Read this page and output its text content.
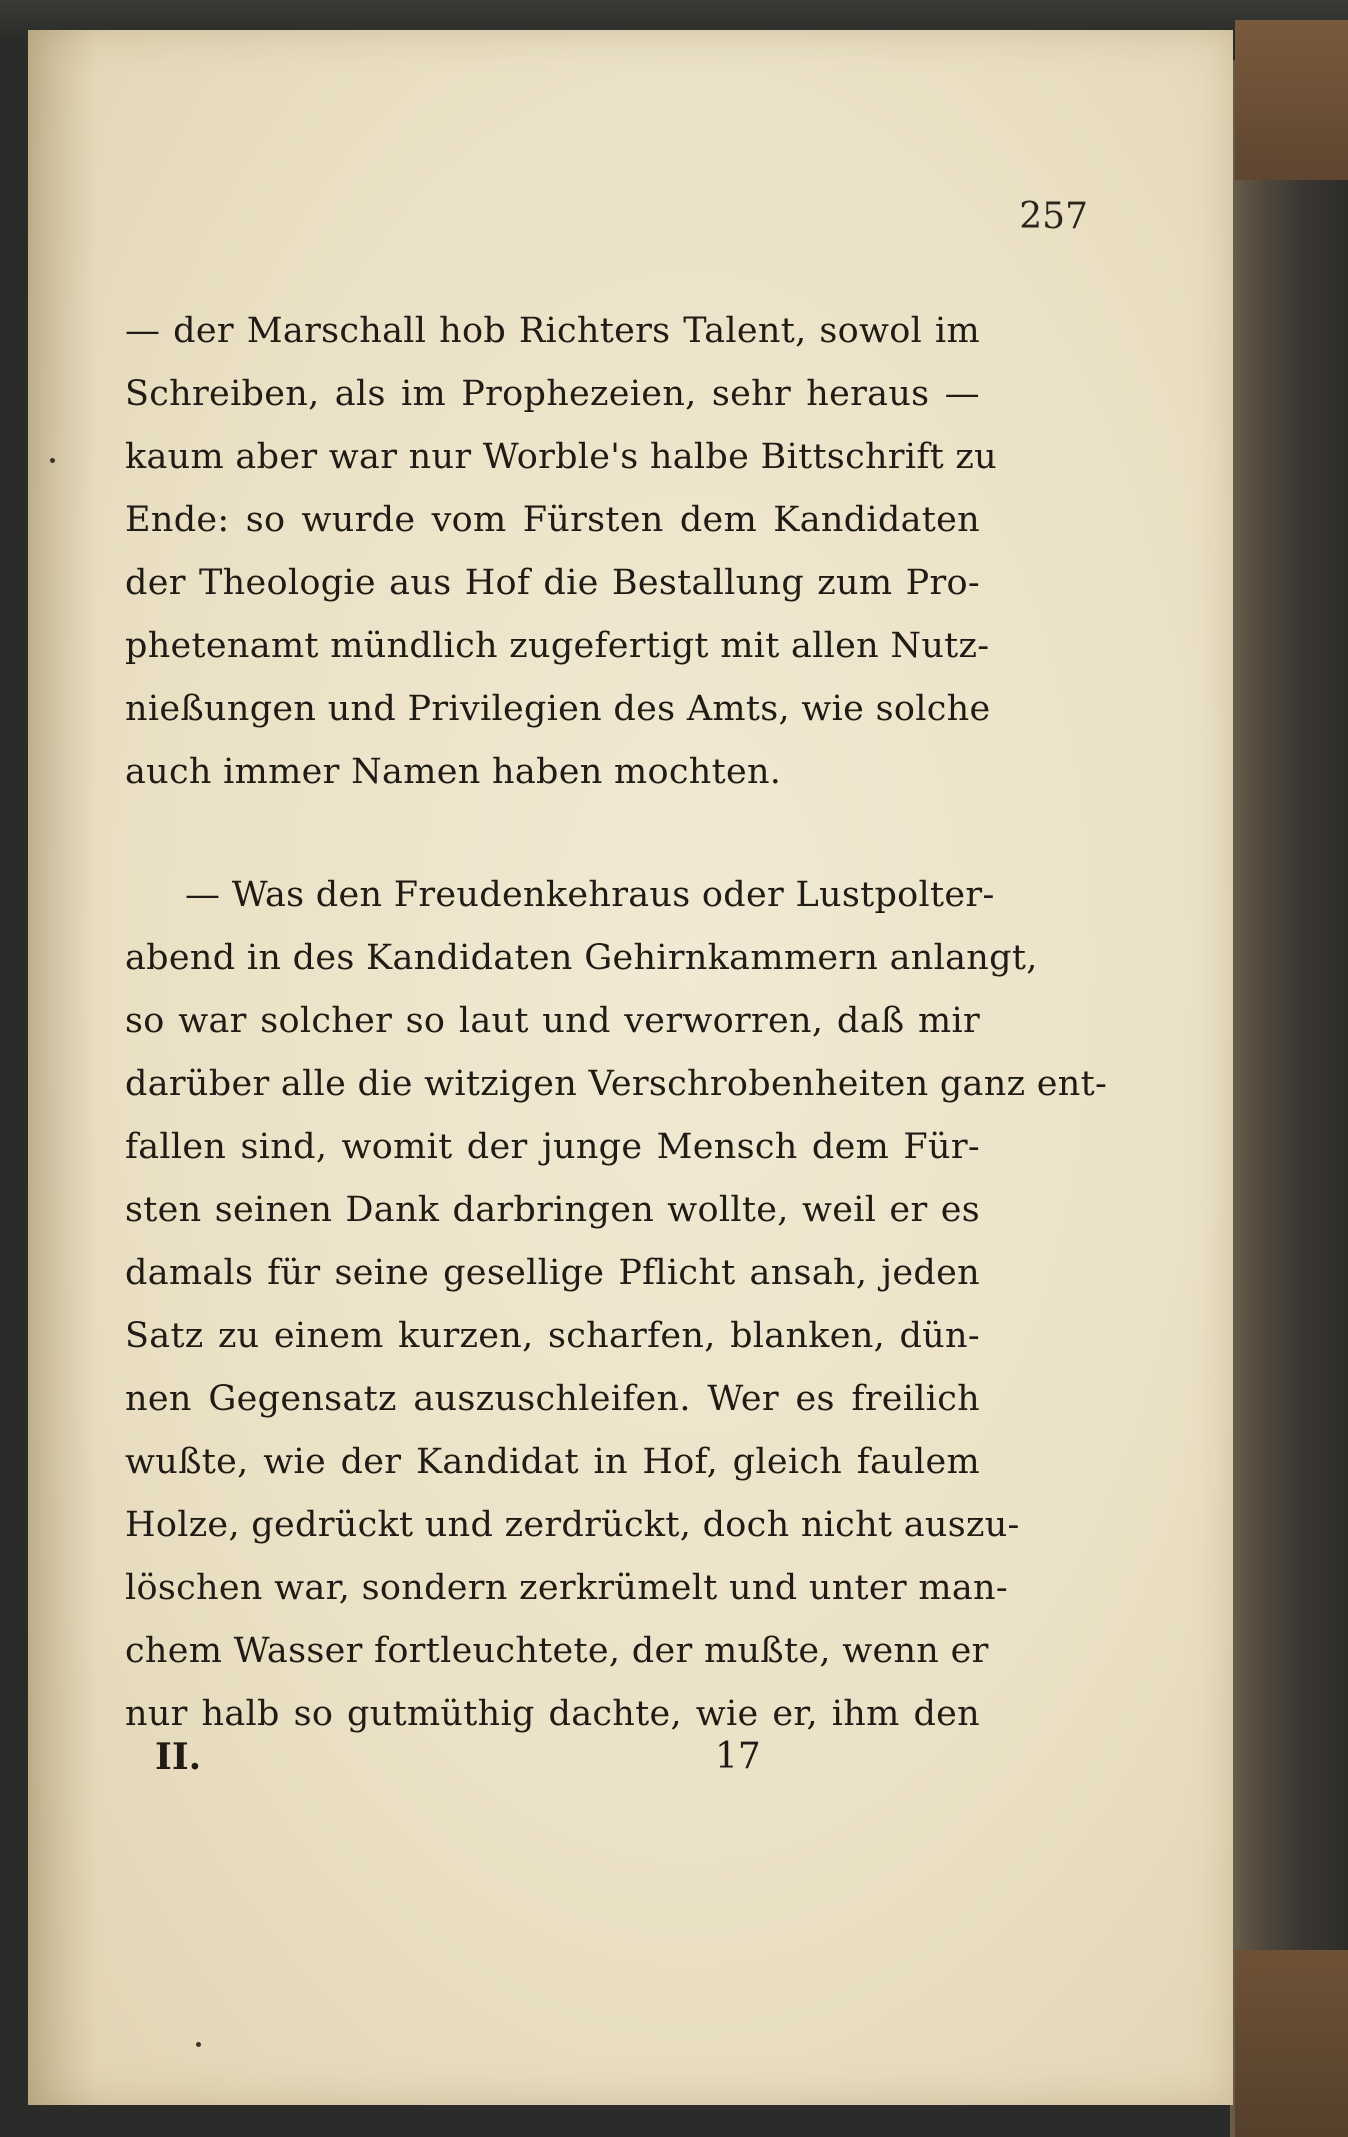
257
— der Marschall hob Richters Talent, sowol im
Schreiben, als im Prophezeien, sehr heraus —
kaum aber war nur Worble's halbe Bittschrift zu
Ende: so wurde vom Fürsten dem Kandidaten
der Theologie aus Hof die Bestallung zum Pro-
phetenamt mündlich zugefertigt mit allen Nutz-
nießungen und Privilegien des Amts, wie solche
auch immer Namen haben mochten.
— Was den Freudenkehraus oder Lustpolter-
abend in des Kandidaten Gehirnkammern anlangt,
so war solcher so laut und verworren, daß mir
darüber alle die witzigen Verschrobenheiten ganz ent-
fallen sind, womit der junge Mensch dem Für-
sten seinen Dank darbringen wollte, weil er es
damals für seine gesellige Pflicht ansah, jeden
Satz zu einem kurzen, scharfen, blanken, dün-
nen Gegensatz auszuschleifen. Wer es freilich
wußte, wie der Kandidat in Hof, gleich faulem
Holze, gedrückt und zerdrückt, doch nicht auszu-
löschen war, sondern zerkrümelt und unter man-
chem Wasser fortleuchtete, der mußte, wenn er
nur halb so gutmüthig dachte, wie er, ihm den
II.	17
